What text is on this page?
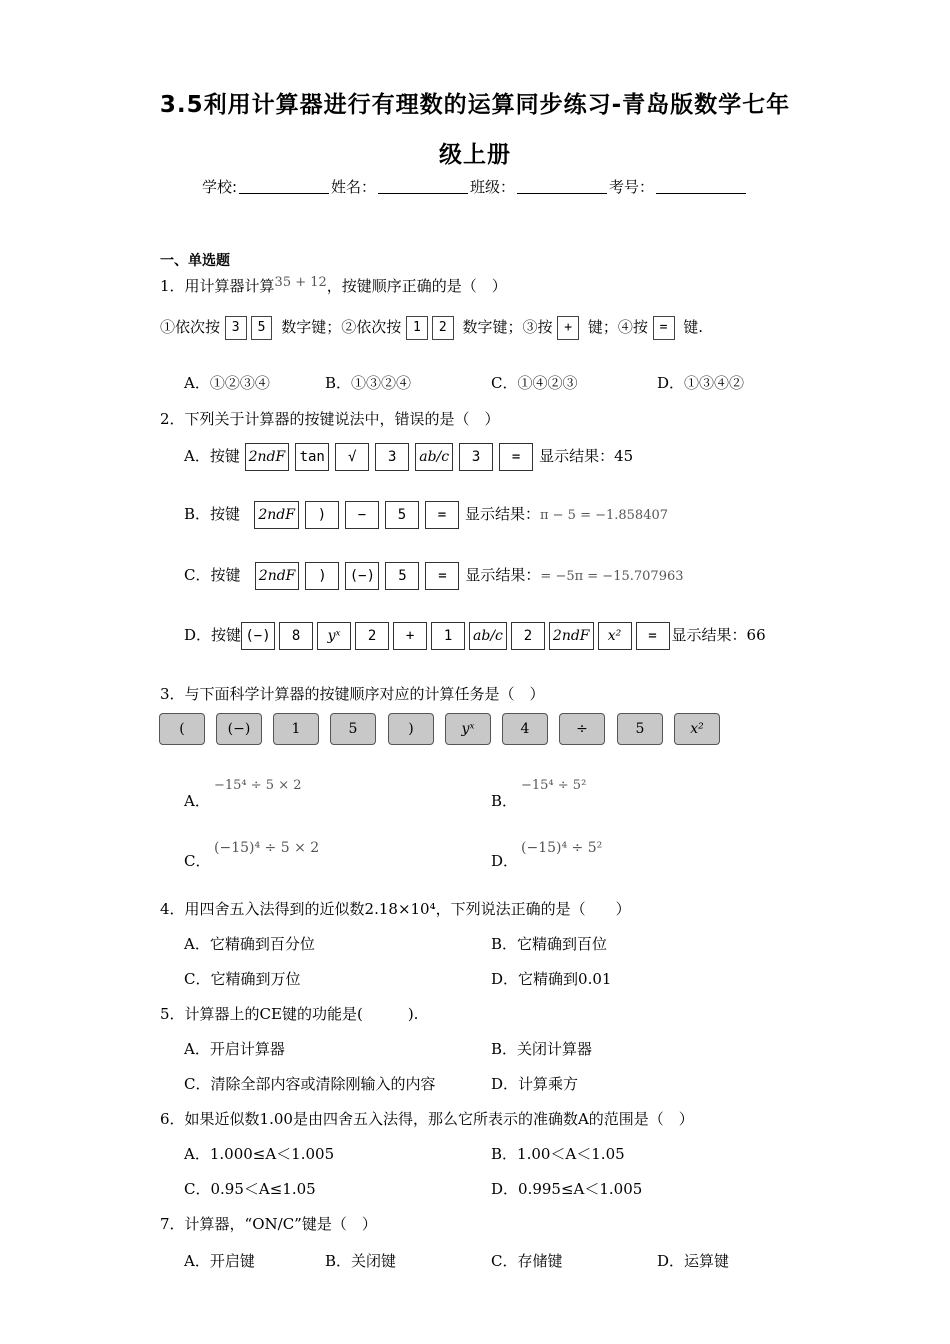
3.5利用计算器进行有理数的运算同步练习-青岛版数学七年
级上册
学校:	姓名：	班级：	考号：
一、单选题
1．用计算器计算35 + 12，按键顺序正确的是（　）
①依次按 3 5 数字键；②依次按 1 2 数字键；③按 + 键；④按 = 键.
A．①②③④	B．①③②④	C．①④②③	D．①③④②
2．下列关于计算器的按键说法中，错误的是（　）
A．按键 2ndF tan √ 3 ab/c 3 = 显示结果：45
B．按键 2ndF ) − 5 = 显示结果：π − 5 = −1.858407
C．按键 2ndF ) (−) 5 = 显示结果：= −5π = −15.707963
D．按键 (−) 8 yˣ 2 + 1 ab/c 2 2ndF x² = 显示结果：66
3．与下面科学计算器的按键顺序对应的计算任务是（　）
(	(−)	1	5	)	yˣ	4	÷	5	x²
A．
−15⁴ ÷ 5 × 2
B．
−15⁴ ÷ 5²
C．
(−15)⁴ ÷ 5 × 2
D．
(−15)⁴ ÷ 5²
4．用四舍五入法得到的近似数2.18×10⁴，下列说法正确的是（　　）
A．它精确到百分位	B．它精确到百位
C．它精确到万位	D．它精确到0.01
5．计算器上的CE键的功能是(　　　).
A．开启计算器	B．关闭计算器
C．清除全部内容或清除刚输入的内容	D．计算乘方
6．如果近似数1.00是由四舍五入法得，那么它所表示的准确数A的范围是（　）
A．1.000≤A＜1.005	B．1.00＜A＜1.05
C．0.95＜A≤1.05	D．0.995≤A＜1.005
7．计算器，“ON/C”键是（　）
A．开启键	B．关闭键	C．存储键	D．运算键
